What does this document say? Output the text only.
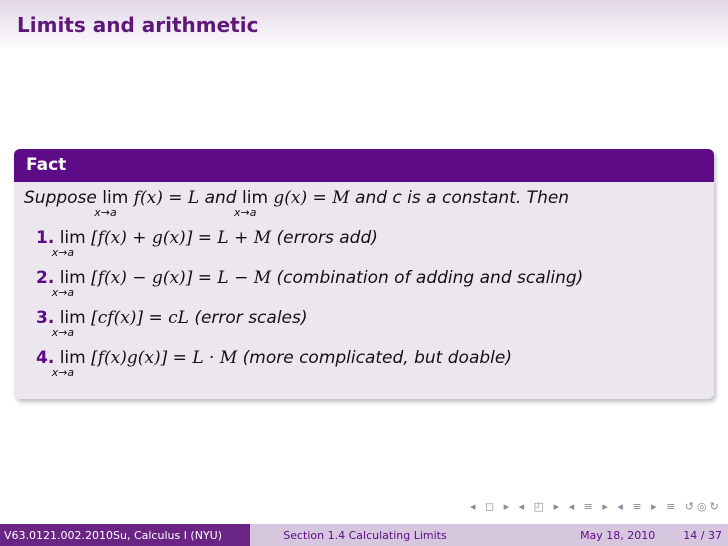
Limits and arithmetic
Fact
Suppose lim
x→a
f(x) = L and lim
x→a
g(x) = M and c is a constant. Then
1. lim
x→a
[f(x) + g(x)] = L + M (errors add)
2. lim
x→a
[f(x) − g(x)] = L − M (combination of adding and scaling)
3. lim
x→a
[cf(x)] = cL (error scales)
4. lim
x→a
[f(x)g(x)] = L · M (more complicated, but doable)
◂ ◻ ▸ ◂ ◰ ▸ ◂ ≡ ▸ ◂ ≡ ▸ ≡ ↺◎↻
V63.0121.002.2010Su, Calculus I (NYU)	Section 1.4 Calculating Limits	May 18, 2010	14 / 37
